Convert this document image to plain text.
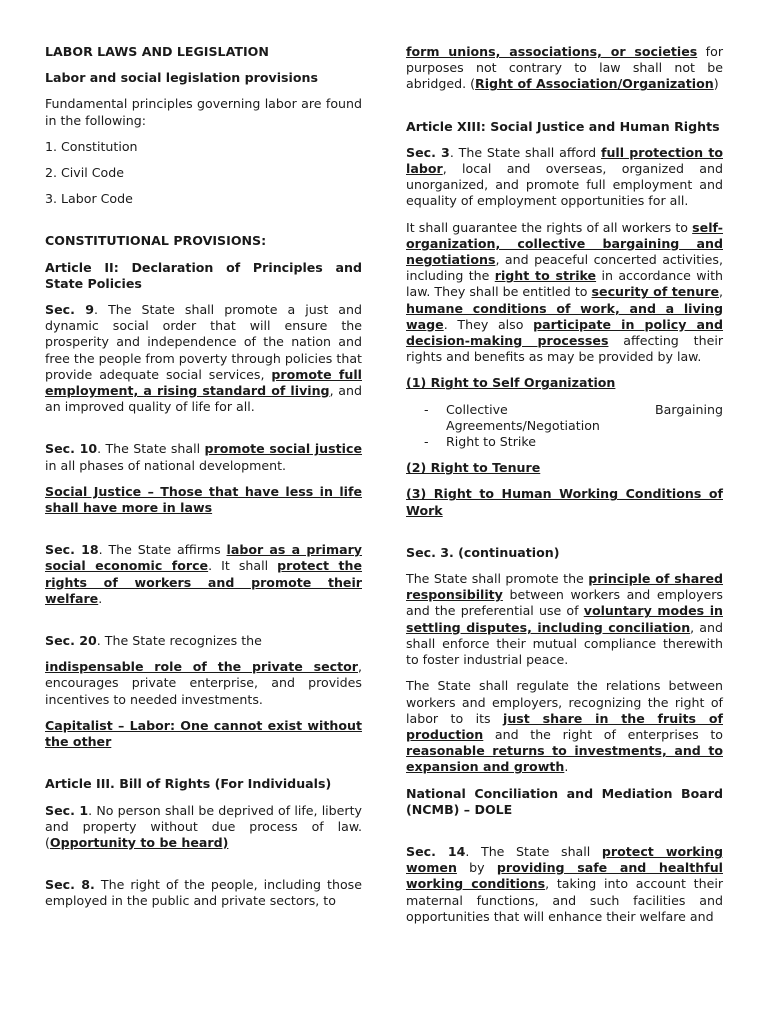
LABOR LAWS AND LEGISLATION

Labor and social legislation provisions

Fundamental principles governing labor are found in the following:

1. Constitution

2. Civil Code

3. Labor Code

CONSTITUTIONAL PROVISIONS:

Article II: Declaration of Principles and State Policies

Sec. 9. The State shall promote a just and dynamic social order that will ensure the prosperity and independence of the nation and free the people from poverty through policies that provide adequate social services, promote full employment, a rising standard of living, and an improved quality of life for all.

Sec. 10. The State shall promote social justice in all phases of national development.

Social Justice – Those that have less in life shall have more in laws

Sec. 18. The State affirms labor as a primary social economic force. It shall protect the rights of workers and promote their welfare.

Sec. 20. The State recognizes the

indispensable role of the private sector, encourages private enterprise, and provides incentives to needed investments.

Capitalist – Labor: One cannot exist without the other

Article III. Bill of Rights (For Individuals)

Sec. 1. No person shall be deprived of life, liberty and property without due process of law. (Opportunity to be heard)

Sec. 8. The right of the people, including those employed in the public and private sectors, to

form unions, associations, or societies for purposes not contrary to law shall not be abridged. (Right of Association/Organization)

Article XIII: Social Justice and Human Rights

Sec. 3. The State shall afford full protection to labor, local and overseas, organized and unorganized, and promote full employment and equality of employment opportunities for all.

It shall guarantee the rights of all workers to self-organization, collective bargaining and negotiations, and peaceful concerted activities, including the right to strike in accordance with law. They shall be entitled to security of tenure, humane conditions of work, and a living wage. They also participate in policy and decision-making processes affecting their rights and benefits as may be provided by law.

(1) Right to Self Organization

- Collective Bargaining Agreements/Negotiation
- Right to Strike

(2) Right to Tenure

(3) Right to Human Working Conditions of Work

Sec. 3. (continuation)

The State shall promote the principle of shared responsibility between workers and employers and the preferential use of voluntary modes in settling disputes, including conciliation, and shall enforce their mutual compliance therewith to foster industrial peace.

The State shall regulate the relations between workers and employers, recognizing the right of labor to its just share in the fruits of production and the right of enterprises to reasonable returns to investments, and to expansion and growth.

National Conciliation and Mediation Board (NCMB) – DOLE

Sec. 14. The State shall protect working women by providing safe and healthful working conditions, taking into account their maternal functions, and such facilities and opportunities that will enhance their welfare and
